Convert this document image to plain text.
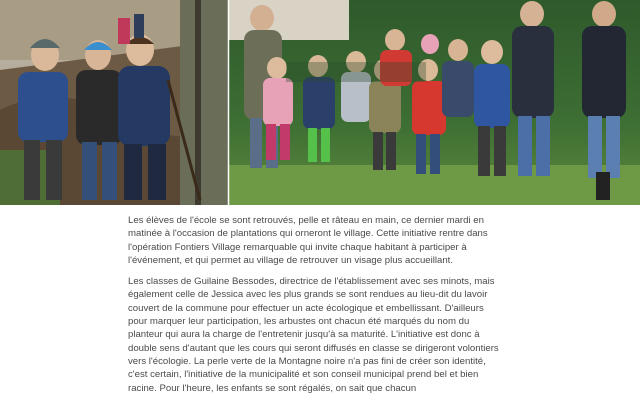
Les élèves de l'école se sont retrouvés, pelle et râteau en main, ce dernier mardi en matinée à l'occasion de plantations qui orneront le village. Cette initiative rentre dans l'opération Fontiers Village remarquable qui invite chaque habitant à participer à l'événement, et qui permet au village de retrouver un visage plus accueillant.

Les classes de Guilaine Bessodes, directrice de l'établissement avec ses minots, mais également celle de Jessica avec les plus grands se sont rendues au lieu-dit du lavoir couvert de la commune pour effectuer un acte écologique et embellissant. D'ailleurs pour marquer leur participation, les arbustes ont chacun été marqués du nom du planteur qui aura la charge de l'entretenir jusqu'à sa maturité. L'initiative est donc à double sens d'autant que les cours qui seront diffusés en classe se dirigeront volontiers vers l'écologie. La perle verte de la Montagne noire n'a pas fini de créer son identité, c'est certain, l'initiative de la municipalité et son conseil municipal prend bel et bien racine. Pour l'heure, les enfants se sont régalés, on sait que chacun
